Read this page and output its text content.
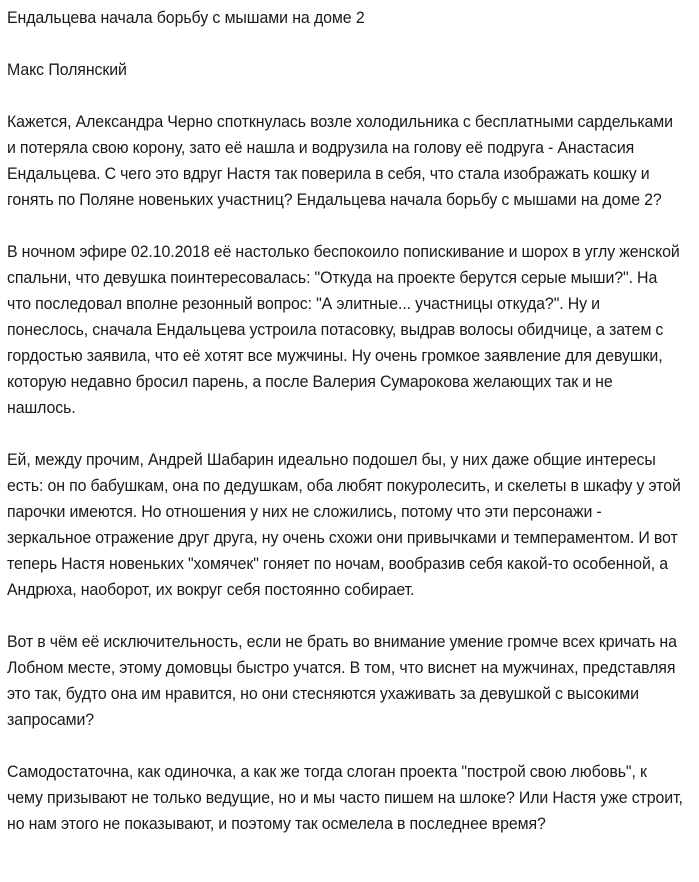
Ендальцева начала борьбу с мышами на доме 2
Макс Полянский

Кажется, Александра Черно споткнулась возле холодильника с бесплатными сардельками и потеряла свою корону, зато её нашла и водрузила на голову её подруга - Анастасия Ендальцева. С чего это вдруг Настя так поверила в себя, что стала изображать кошку и гонять по Поляне новеньких участниц? Ендальцева начала борьбу с мышами на доме 2?

В ночном эфире 02.10.2018 её настолько беспокоило попискивание и шорох в углу женской спальни, что девушка поинтересовалась: "Откуда на проекте берутся серые мыши?". На что последовал вполне резонный вопрос: "А элитные... участницы откуда?". Ну и понеслось, сначала Ендальцева устроила потасовку, выдрав волосы обидчице, а затем с гордостью заявила, что её хотят все мужчины. Ну очень громкое заявление для девушки, которую недавно бросил парень, а после Валерия Сумарокова желающих так и не нашлось.

Ей, между прочим, Андрей Шабарин идеально подошел бы, у них даже общие интересы есть: он по бабушкам, она по дедушкам, оба любят покуролесить, и скелеты в шкафу у этой парочки имеются. Но отношения у них не сложились, потому что эти персонажи - зеркальное отражение друг друга, ну очень схожи они привычками и темпераментом. И вот теперь Настя новеньких "хомячек" гоняет по ночам, вообразив себя какой-то особенной, а Андрюха, наоборот, их вокруг себя постоянно собирает.

Вот в чём её исключительность, если не брать во внимание умение громче всех кричать на Лобном месте, этому домовцы быстро учатся. В том, что виснет на мужчинах, представляя это так, будто она им нравится, но они стесняются ухаживать за девушкой с высокими запросами?

Самодостаточна, как одиночка, а как же тогда слоган проекта "построй свою любовь", к чему призывают не только ведущие, но и мы часто пишем на шлоке? Или Настя уже строит, но нам этого не показывают, и поэтому так осмелела в последнее время?
